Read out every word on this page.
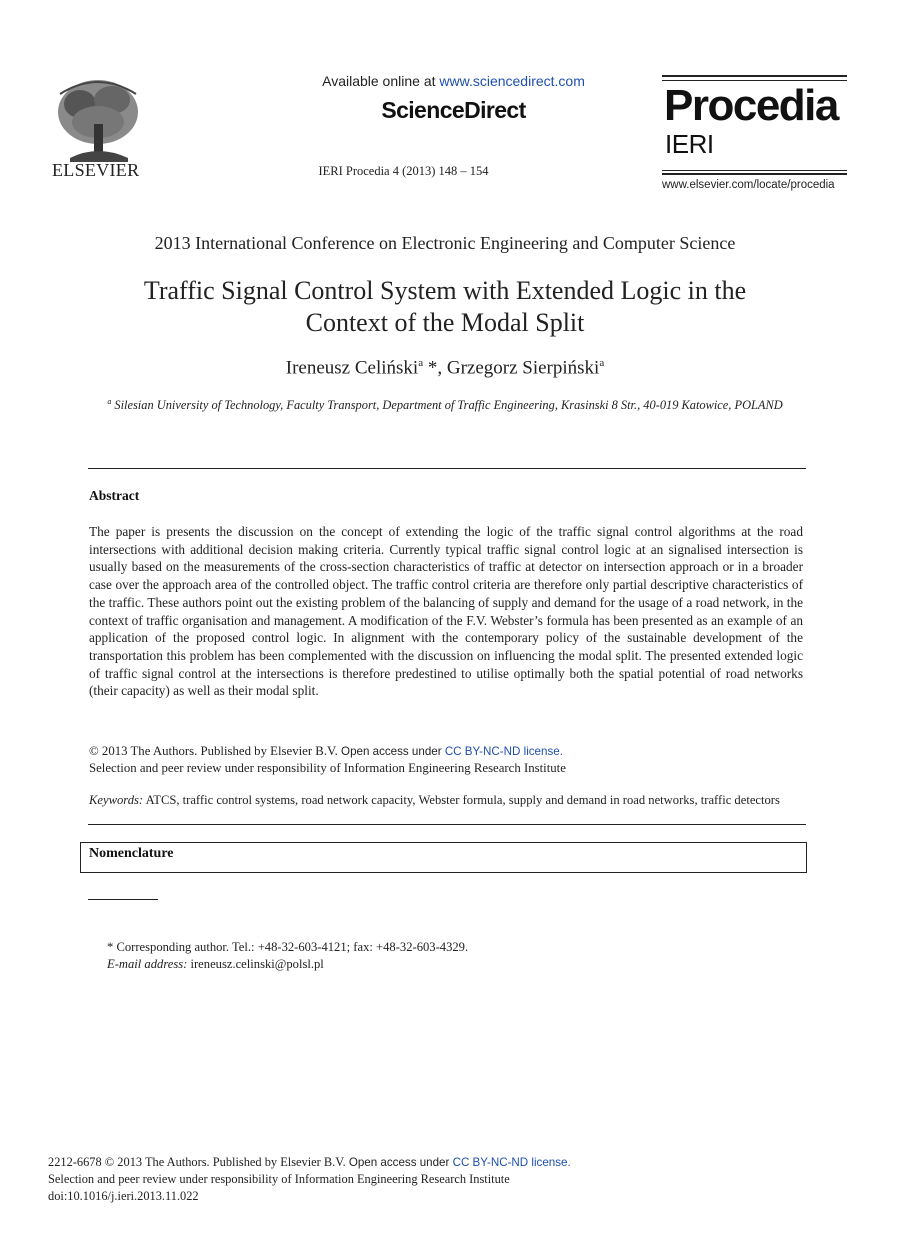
ELSEVIER
Available online at www.sciencedirect.com
ScienceDirect
IERI Procedia 4 (2013) 148 – 154
Procedia
IERI
www.elsevier.com/locate/procedia
2013 International Conference on Electronic Engineering and Computer Science
Traffic Signal Control System with Extended Logic in the
Context of the Modal Split
Ireneusz Celiński$^a$ *, Grzegorz Sierpiński$^a$
$^a$ Silesian University of Technology, Faculty Transport, Department of Traffic Engineering, Krasinski 8 Str., 40-019 Katowice, POLAND
Abstract
The paper is presents the discussion on the concept of extending the logic of the traffic signal control algorithms at the road intersections with additional decision making criteria. Currently typical traffic signal control logic at an signalised intersection is usually based on the measurements of the cross-section characteristics of traffic at detector on intersection approach or in a broader case over the approach area of the controlled object. The traffic control criteria are therefore only partial descriptive characteristics of the traffic. These authors point out the existing problem of the balancing of supply and demand for the usage of a road network, in the context of traffic organisation and management. A modification of the F.V. Webster’s formula has been presented as an example of an application of the proposed control logic. In alignment with the contemporary policy of the sustainable development of the transportation this problem has been complemented with the discussion on influencing the modal split. The presented extended logic of traffic signal control at the intersections is therefore predestined to utilise optimally both the spatial potential of road networks (their capacity) as well as their modal split.
© 2013 The Authors. Published by Elsevier B.V. Open access under CC BY-NC-ND license.
Selection and peer review under responsibility of Information Engineering Research Institute
Keywords: ATCS, traffic control systems, road network capacity, Webster formula, supply and demand in road networks, traffic detectors
Nomenclature
* Corresponding author. Tel.: +48-32-603-4121; fax: +48-32-603-4329.
E-mail address: ireneusz.celinski@polsl.pl
2212-6678 © 2013 The Authors. Published by Elsevier B.V. Open access under CC BY-NC-ND license.
Selection and peer review under responsibility of Information Engineering Research Institute
doi:10.1016/j.ieri.2013.11.022
